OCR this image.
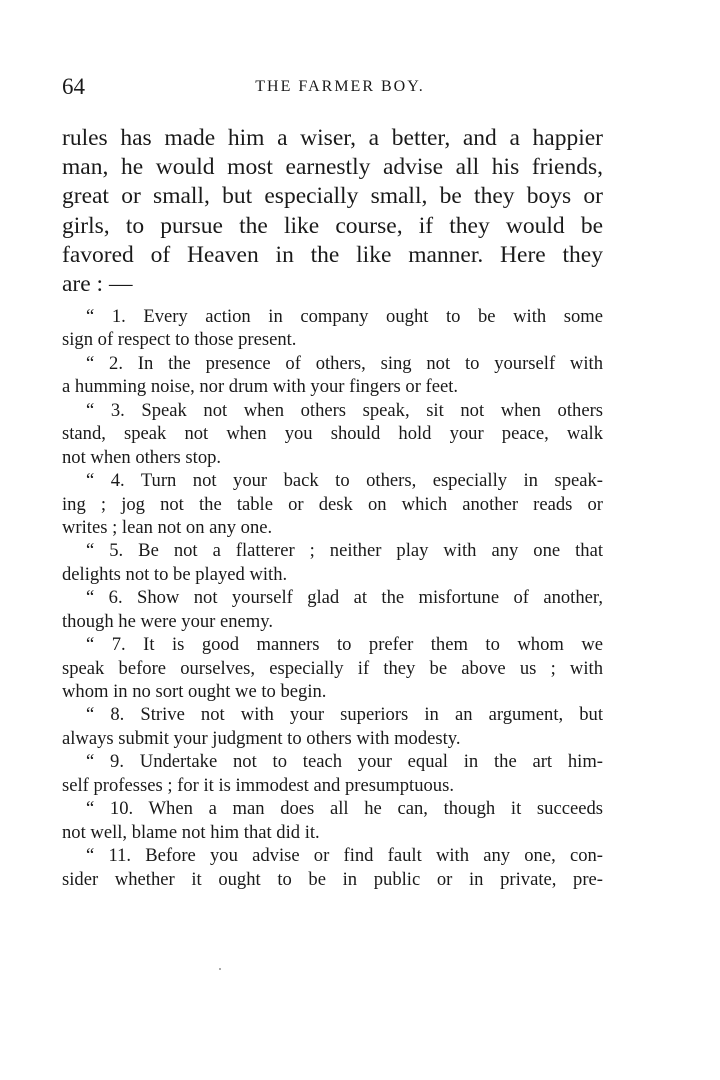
64	THE FARMER BOY.
rules has made him a wiser, a better, and a happier
man, he would most earnestly advise all his friends,
great or small, but especially small, be they boys or
girls, to pursue the like course, if they would be
favored of Heaven in the like manner. Here they
are : —
“ 1. Every action in company ought to be with some
sign of respect to those present.
“ 2. In the presence of others, sing not to yourself with
a humming noise, nor drum with your fingers or feet.
“ 3. Speak not when others speak, sit not when others
stand, speak not when you should hold your peace, walk
not when others stop.
“ 4. Turn not your back to others, especially in speak-
ing ; jog not the table or desk on which another reads or
writes ; lean not on any one.
“ 5. Be not a flatterer ; neither play with any one that
delights not to be played with.
“ 6. Show not yourself glad at the misfortune of another,
though he were your enemy.
“ 7. It is good manners to prefer them to whom we
speak before ourselves, especially if they be above us ; with
whom in no sort ought we to begin.
“ 8. Strive not with your superiors in an argument, but
always submit your judgment to others with modesty.
“ 9. Undertake not to teach your equal in the art him-
self professes ; for it is immodest and presumptuous.
“ 10. When a man does all he can, though it succeeds
not well, blame not him that did it.
“ 11. Before you advise or find fault with any one, con-
sider whether it ought to be in public or in private, pre-
